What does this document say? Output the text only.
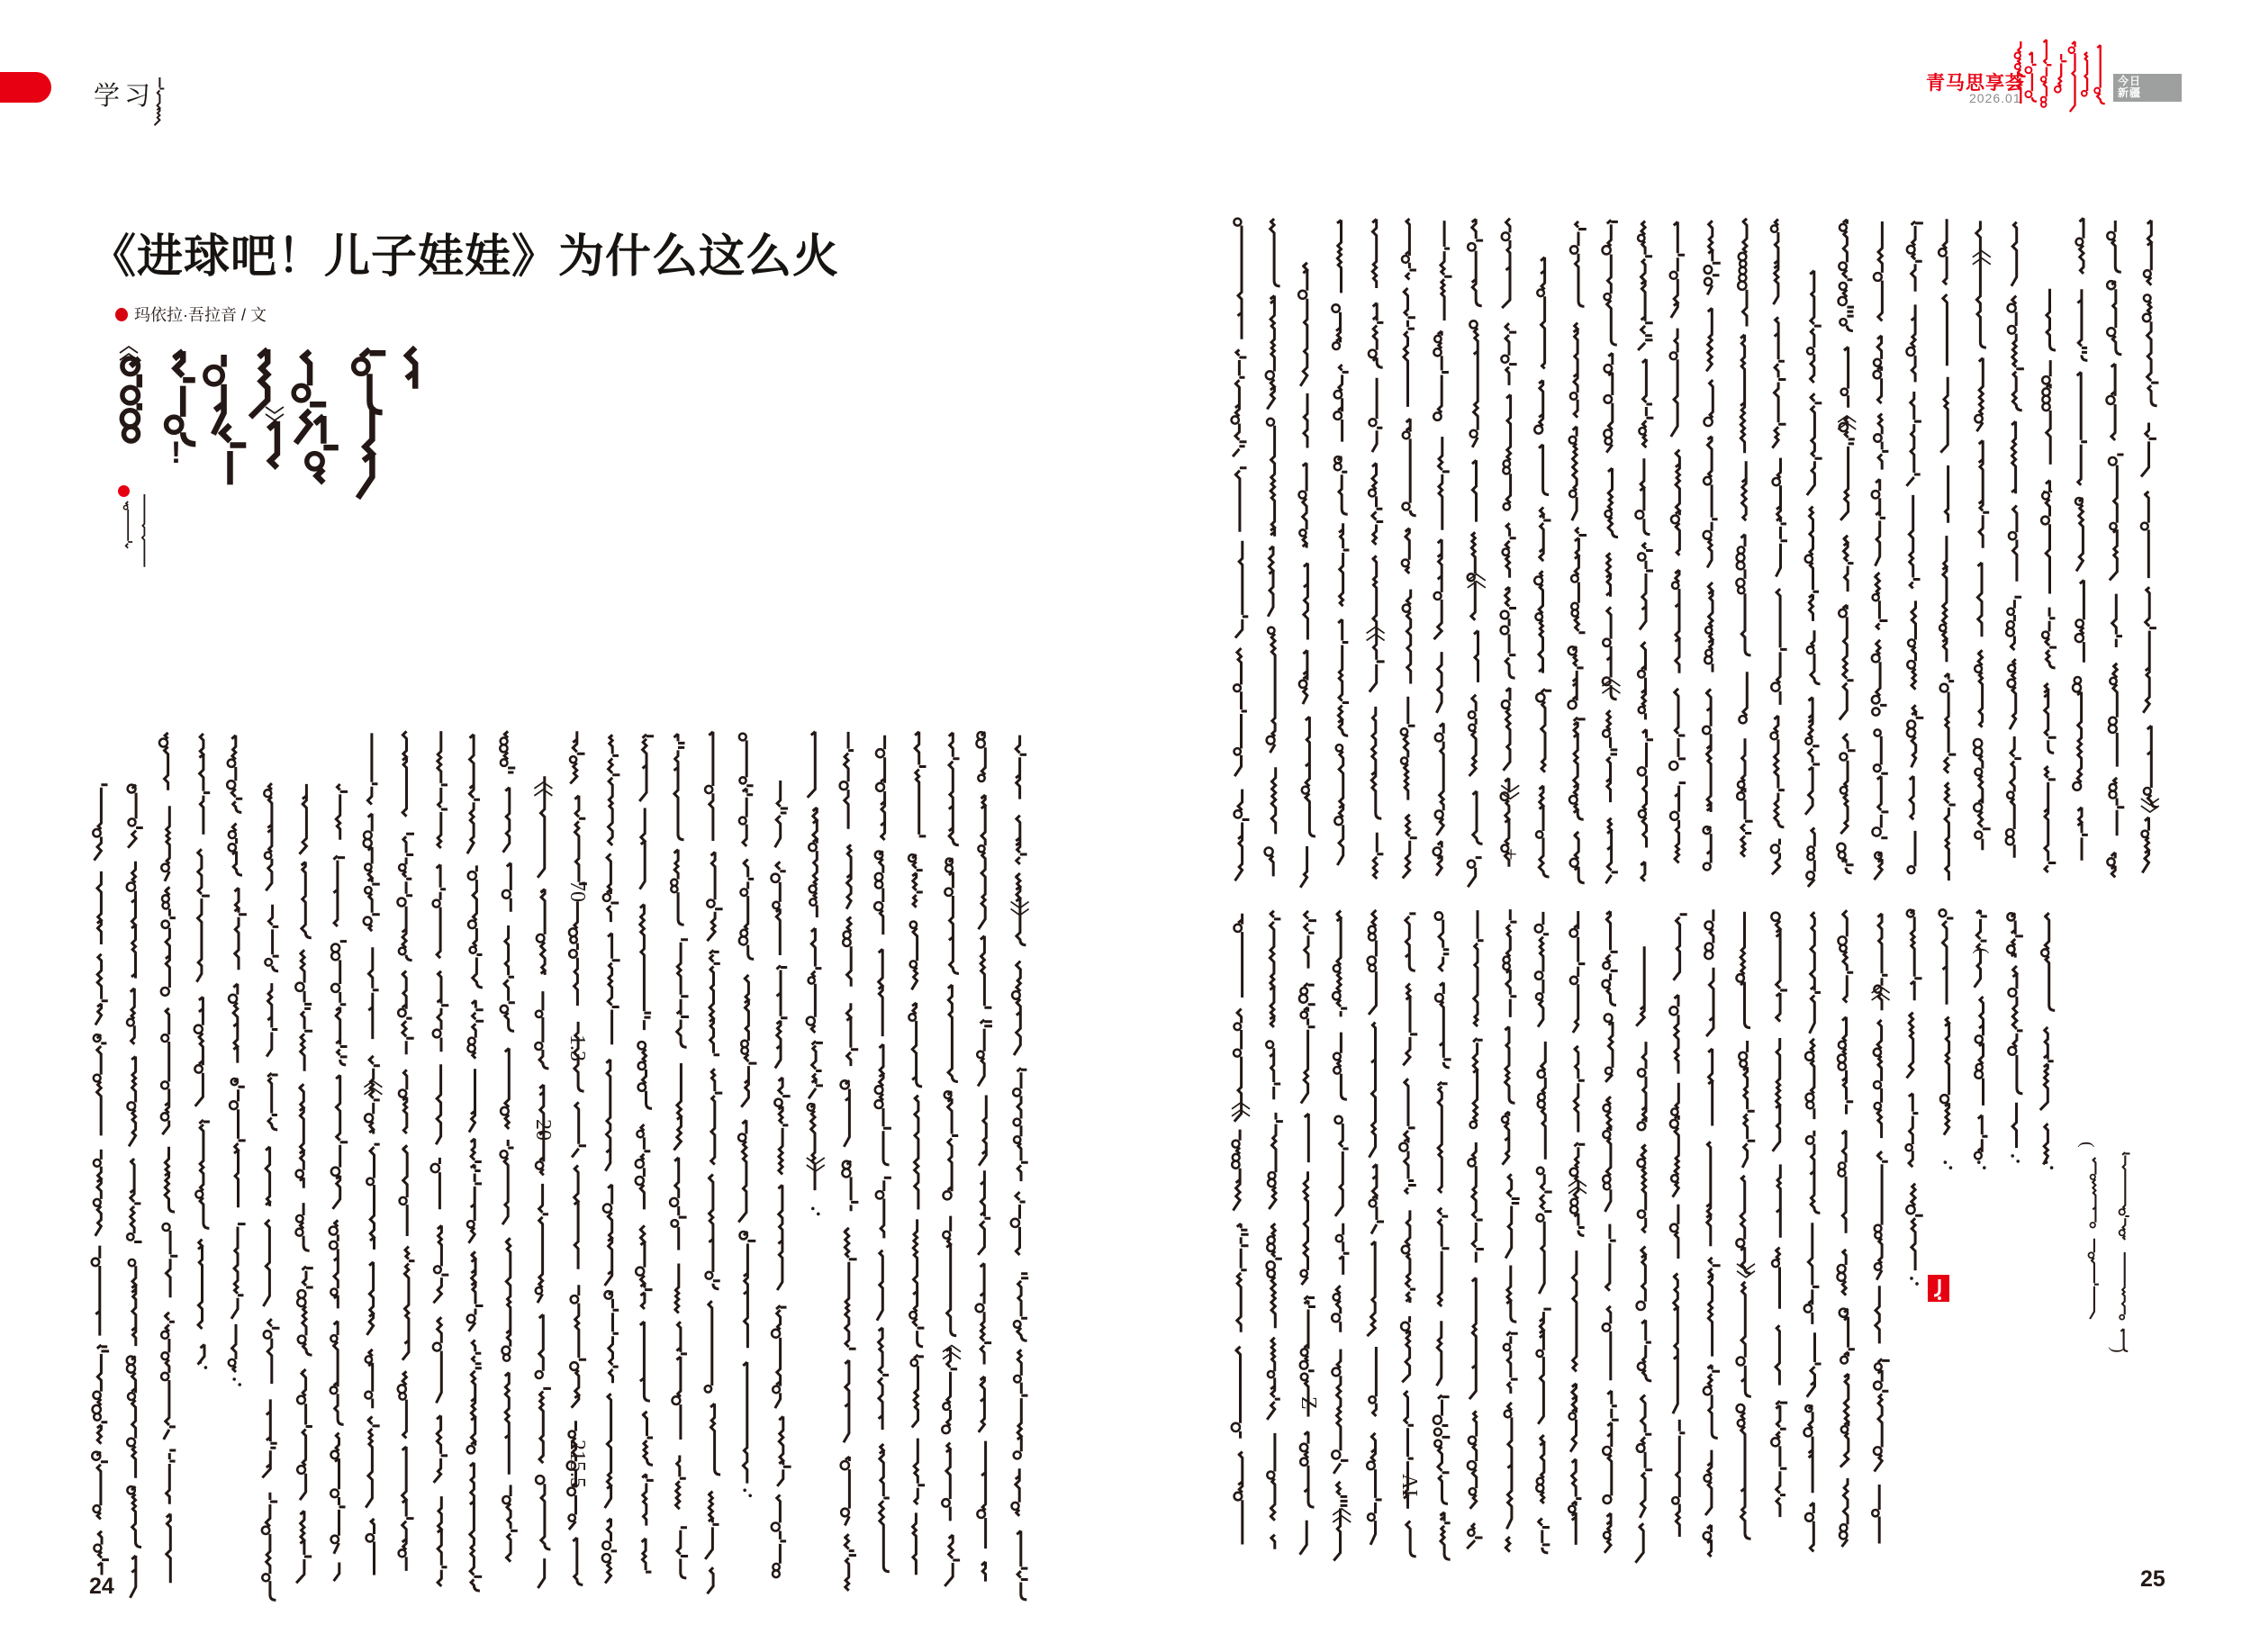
学习
《进球吧！儿子娃娃》为什么这么火
玛依拉·吾拉音 / 文
青马思享荟
2026.01
今日
新疆
24	25
!
70
1.3
215.5
20
:
+
Z
AI
(
(
)
